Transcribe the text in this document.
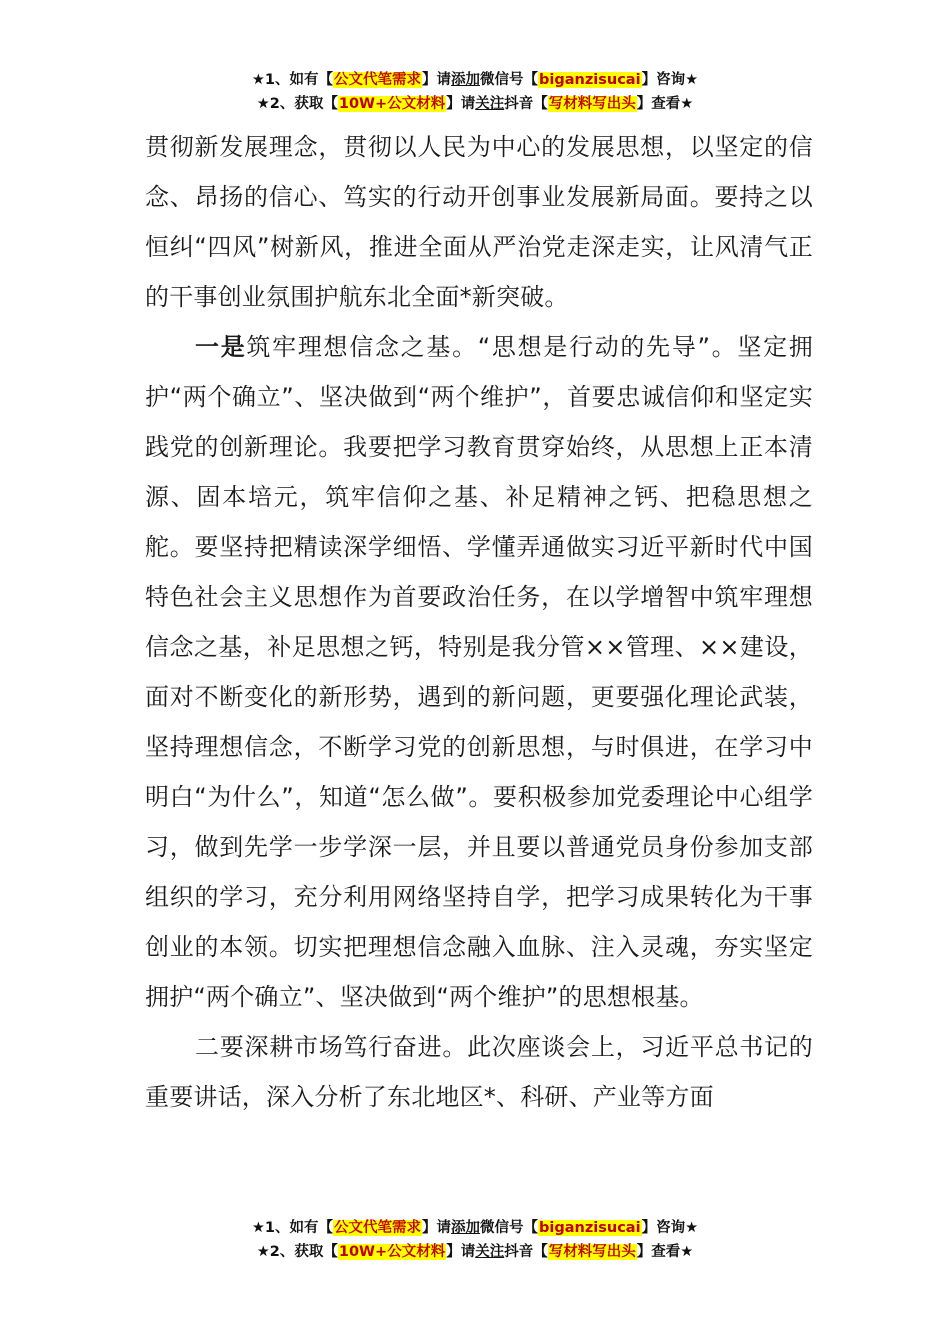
★1、如有【公文代笔需求】请添加微信号【biganzisucai】咨询★
★2、获取【10W+公文材料】请关注抖音【写材料写出头】查看★

贯彻新发展理念，贯彻以人民为中心的发展思想，以坚定的信念、昂扬的信心、笃实的行动开创事业发展新局面。要持之以恒纠“四风”树新风，推进全面从严治党走深走实，让风清气正的干事创业氛围护航东北全面*新突破。

一是筑牢理想信念之基。“思想是行动的先导”。坚定拥护“两个确立”、坚决做到“两个维护”，首要忠诚信仰和坚定实践党的创新理论。我要把学习教育贯穿始终，从思想上正本清源、固本培元，筑牢信仰之基、补足精神之钙、把稳思想之舵。要坚持把精读深学细悟、学懂弄通做实习近平新时代中国特色社会主义思想作为首要政治任务，在以学增智中筑牢理想信念之基，补足思想之钙，特别是我分管××管理、××建设，面对不断变化的新形势，遇到的新问题，更要强化理论武装，坚持理想信念，不断学习党的创新思想，与时俱进，在学习中明白“为什么”，知道“怎么做”。要积极参加党委理论中心组学习，做到先学一步学深一层，并且要以普通党员身份参加支部组织的学习，充分利用网络坚持自学，把学习成果转化为干事创业的本领。切实把理想信念融入血脉、注入灵魂，夯实坚定拥护“两个确立”、坚决做到“两个维护”的思想根基。

二要深耕市场笃行奋进。此次座谈会上，习近平总书记的重要讲话，深入分析了东北地区*、科研、产业等方面

★1、如有【公文代笔需求】请添加微信号【biganzisucai】咨询★
★2、获取【10W+公文材料】请关注抖音【写材料写出头】查看★
